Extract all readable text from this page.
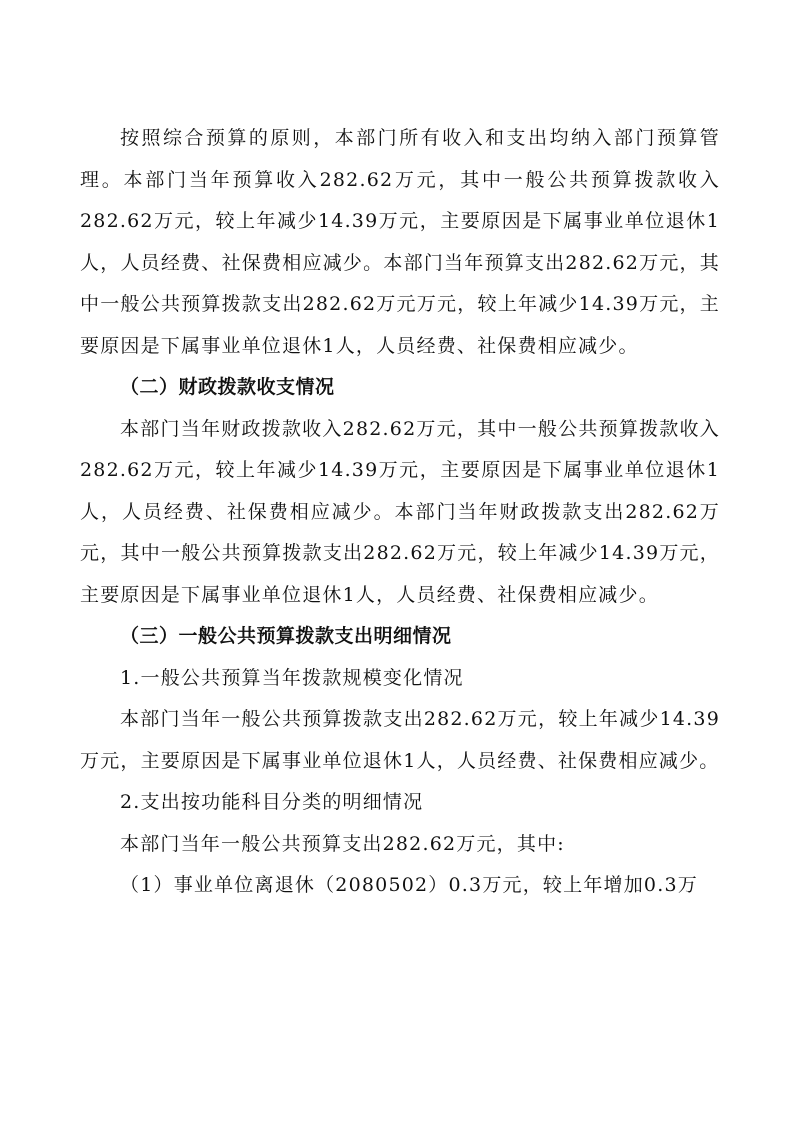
按照综合预算的原则，本部门所有收入和支出均纳入部门预算管理。本部门当年预算收入282.62万元，其中一般公共预算拨款收入282.62万元，较上年减少14.39万元，主要原因是下属事业单位退休1人，人员经费、社保费相应减少。本部门当年预算支出282.62万元，其中一般公共预算拨款支出282.62万元万元，较上年减少14.39万元，主要原因是下属事业单位退休1人，人员经费、社保费相应减少。

（二）财政拨款收支情况

本部门当年财政拨款收入282.62万元，其中一般公共预算拨款收入282.62万元，较上年减少14.39万元，主要原因是下属事业单位退休1人，人员经费、社保费相应减少。本部门当年财政拨款支出282.62万元，其中一般公共预算拨款支出282.62万元，较上年减少14.39万元，主要原因是下属事业单位退休1人，人员经费、社保费相应减少。

（三）一般公共预算拨款支出明细情况

1.一般公共预算当年拨款规模变化情况

本部门当年一般公共预算拨款支出282.62万元，较上年减少14.39万元，主要原因是下属事业单位退休1人，人员经费、社保费相应减少。

2.支出按功能科目分类的明细情况

本部门当年一般公共预算支出282.62万元，其中:

（1）事业单位离退休（2080502）0.3万元，较上年增加0.3万
